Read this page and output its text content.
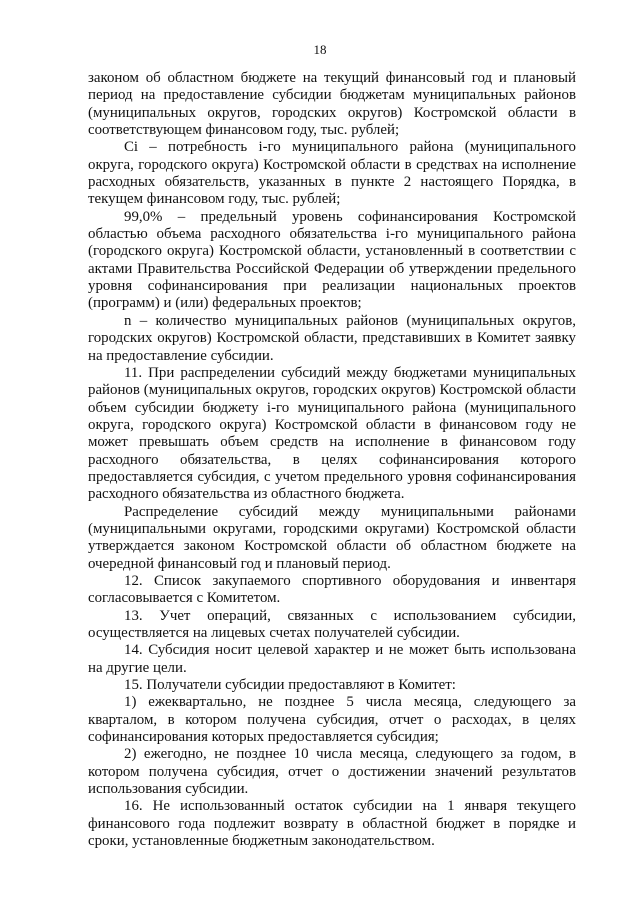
18

законом об областном бюджете на текущий финансовый год и плановый период на предоставление субсидии бюджетам муниципальных районов (муниципальных округов, городских округов) Костромской области в соответствующем финансовом году, тыс. рублей;

Ci – потребность i-го муниципального района (муниципального округа, городского округа) Костромской области в средствах на исполнение расходных обязательств, указанных в пункте 2 настоящего Порядка, в текущем финансовом году, тыс. рублей;

99,0% – предельный уровень софинансирования Костромской областью объема расходного обязательства i-го муниципального района (городского округа) Костромской области, установленный в соответствии с актами Правительства Российской Федерации об утверждении предельного уровня софинансирования при реализации национальных проектов (программ) и (или) федеральных проектов;

n – количество муниципальных районов (муниципальных округов, городских округов) Костромской области, представивших в Комитет заявку на предоставление субсидии.

11. При распределении субсидий между бюджетами муниципальных районов (муниципальных округов, городских округов) Костромской области объем субсидии бюджету i-го муниципального района (муниципального округа, городского округа) Костромской области в финансовом году не может превышать объем средств на исполнение в финансовом году расходного обязательства, в целях софинансирования которого предоставляется субсидия, с учетом предельного уровня софинансирования расходного обязательства из областного бюджета.

Распределение субсидий между муниципальными районами (муниципальными округами, городскими округами) Костромской области утверждается законом Костромской области об областном бюджете на очередной финансовый год и плановый период.

12. Список закупаемого спортивного оборудования и инвентаря согласовывается с Комитетом.

13. Учет операций, связанных с использованием субсидии, осуществляется на лицевых счетах получателей субсидии.

14. Субсидия носит целевой характер и не может быть использована на другие цели.

15. Получатели субсидии предоставляют в Комитет:

1) ежеквартально, не позднее 5 числа месяца, следующего за кварталом, в котором получена субсидия, отчет о расходах, в целях софинансирования которых предоставляется субсидия;

2) ежегодно, не позднее 10 числа месяца, следующего за годом, в котором получена субсидия, отчет о достижении значений результатов использования субсидии.

16. Не использованный остаток субсидии на 1 января текущего финансового года подлежит возврату в областной бюджет в порядке и сроки, установленные бюджетным законодательством.
